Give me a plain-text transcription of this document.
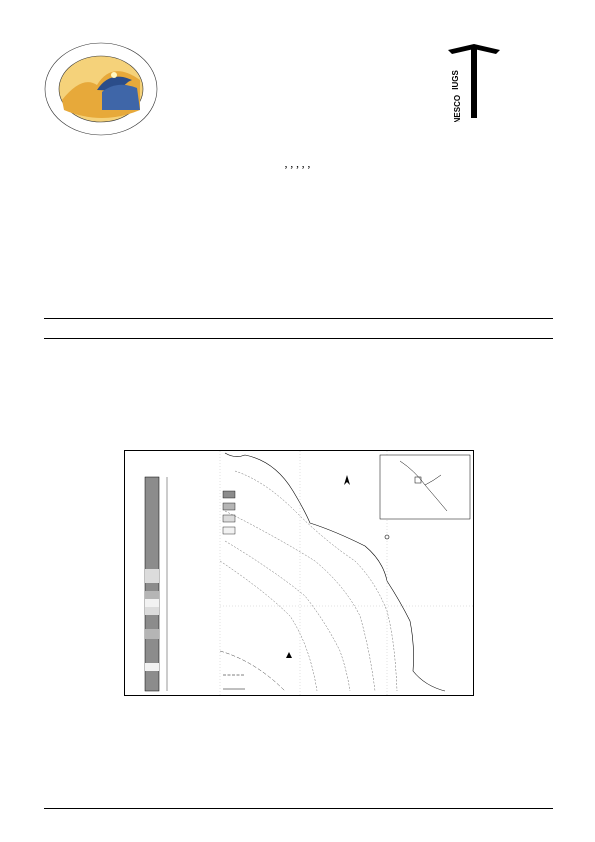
IUGS
UNESCO
, , , , ,
